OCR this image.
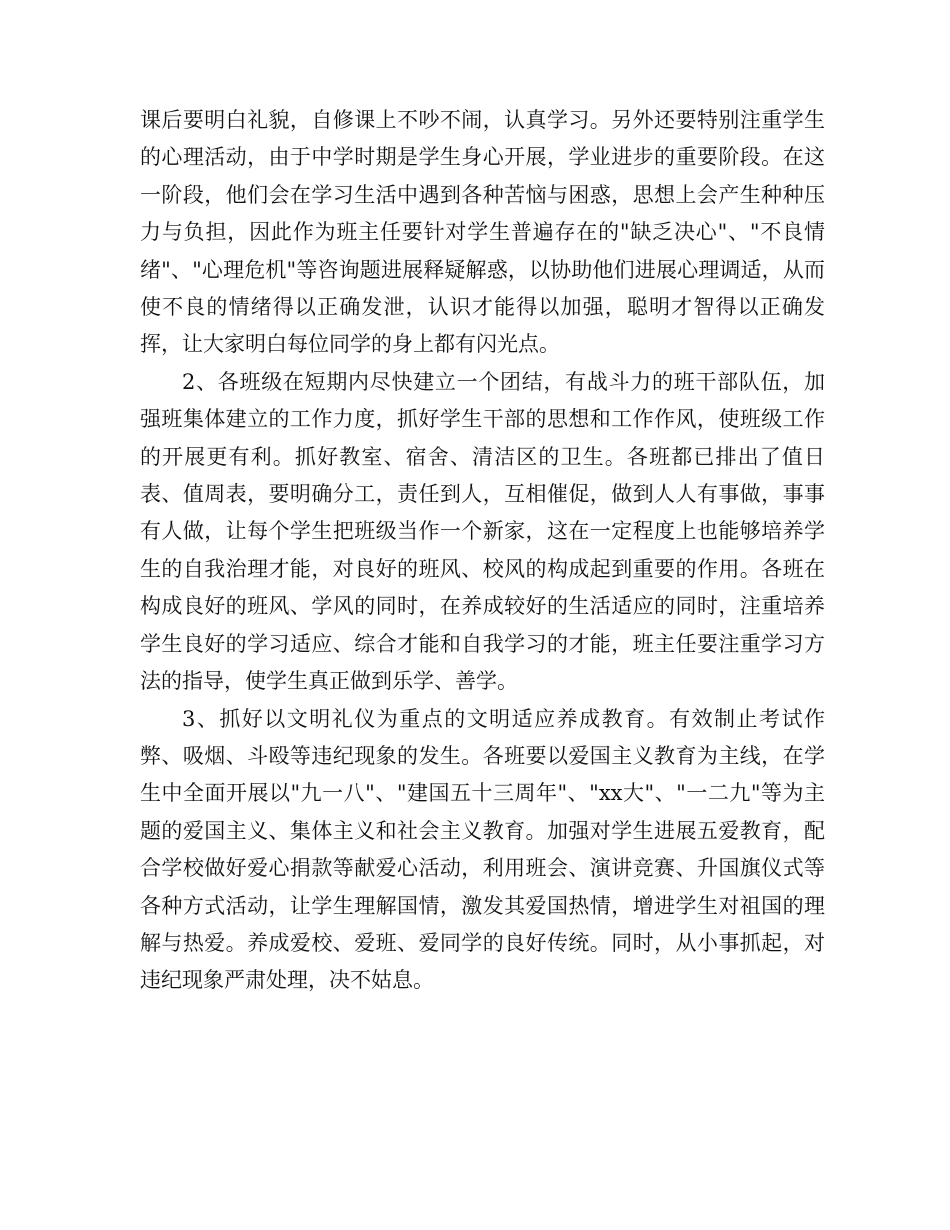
课后要明白礼貌，自修课上不吵不闹，认真学习。另外还要特别注重学生的心理活动，由于中学时期是学生身心开展，学业进步的重要阶段。在这一阶段，他们会在学习生活中遇到各种苦恼与困惑，思想上会产生种种压力与负担，因此作为班主任要针对学生普遍存在的"缺乏决心"、"不良情绪"、"心理危机"等咨询题进展释疑解惑，以协助他们进展心理调适，从而使不良的情绪得以正确发泄，认识才能得以加强，聪明才智得以正确发挥，让大家明白每位同学的身上都有闪光点。

2、各班级在短期内尽快建立一个团结，有战斗力的班干部队伍，加强班集体建立的工作力度，抓好学生干部的思想和工作作风，使班级工作的开展更有利。抓好教室、宿舍、清洁区的卫生。各班都已排出了值日表、值周表，要明确分工，责任到人，互相催促，做到人人有事做，事事有人做，让每个学生把班级当作一个新家，这在一定程度上也能够培养学生的自我治理才能，对良好的班风、校风的构成起到重要的作用。各班在构成良好的班风、学风的同时，在养成较好的生活适应的同时，注重培养学生良好的学习适应、综合才能和自我学习的才能，班主任要注重学习方法的指导，使学生真正做到乐学、善学。

3、抓好以文明礼仪为重点的文明适应养成教育。有效制止考试作弊、吸烟、斗殴等违纪现象的发生。各班要以爱国主义教育为主线，在学生中全面开展以"九一八"、"建国五十三周年"、"xx大"、"一二九"等为主题的爱国主义、集体主义和社会主义教育。加强对学生进展五爱教育，配合学校做好爱心捐款等献爱心活动，利用班会、演讲竞赛、升国旗仪式等各种方式活动，让学生理解国情，激发其爱国热情，增进学生对祖国的理解与热爱。养成爱校、爱班、爱同学的良好传统。同时，从小事抓起，对违纪现象严肃处理，决不姑息。
